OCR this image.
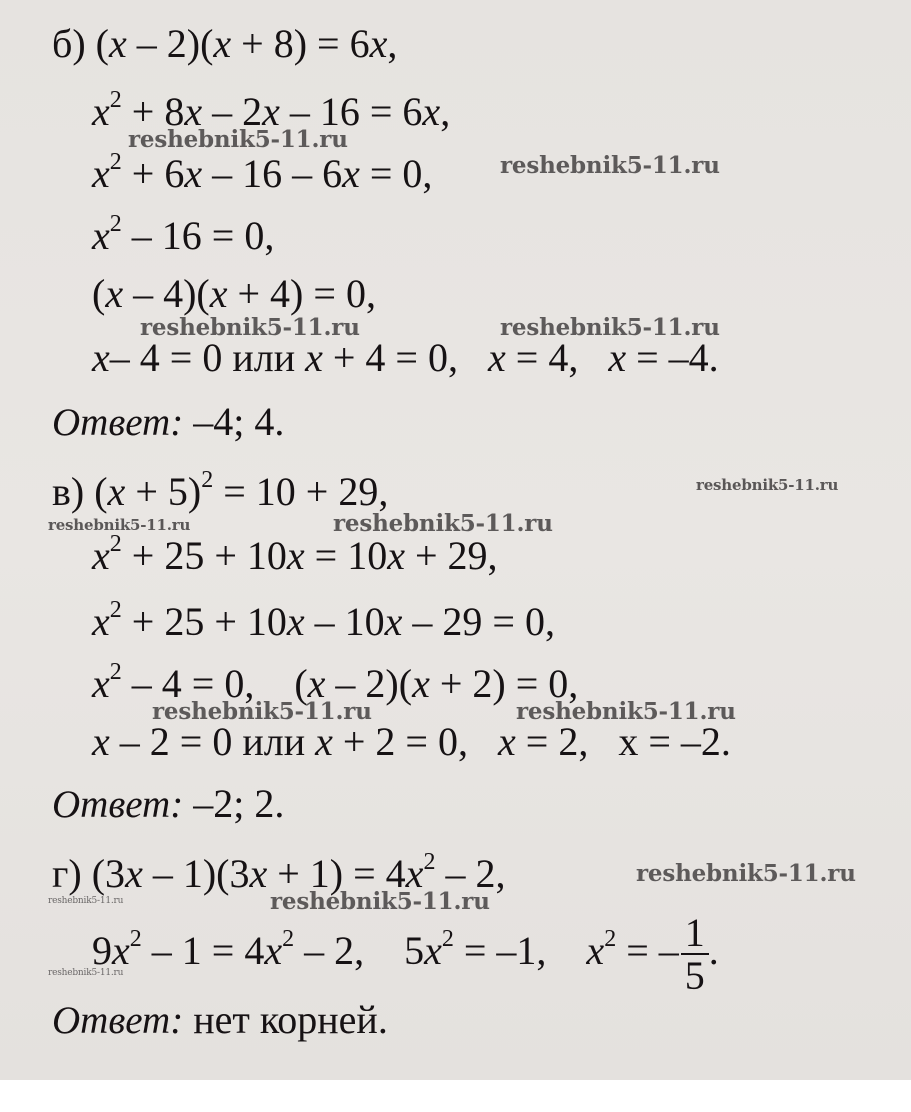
б) (x – 2)(x + 8) = 6x,
$x^2 + 8x - 2x - 16 = 6x$,
$x^2 + 6x - 16 - 6x = 0$,
$x^2 - 16 = 0$,
(x – 4)(x + 4) = 0,
x– 4 = 0 или x + 4 = 0,   x = 4,   x = –4.
Ответ: –4; 4.
в) $(x + 5)^2 = 10 + 29$,
$x^2 + 25 + 10x = 10x + 29$,
$x^2 + 25 + 10x - 10x - 29 = 0$,
$x^2 - 4 = 0$,    (x – 2)(x + 2) = 0,
x – 2 = 0 или x + 2 = 0,   x = 2,   x = –2.
Ответ: –2; 2.
г) $(3x - 1)(3x + 1) = 4x^2 - 2$,
$9x^2 - 1 = 4x^2 - 2$,    $5x^2 = -1$,    $x^2$ = – $\frac{1}{5}$ .
Ответ: нет корней.
reshebnik5-11.ru
reshebnik5-11.ru
reshebnik5-11.ru	reshebnik5-11.ru
reshebnik5-11.ru
reshebnik5-11.ru	reshebnik5-11.ru
reshebnik5-11.ru	reshebnik5-11.ru
reshebnik5-11.ru
reshebnik5-11.ru
reshebnik5-11.ru
reshebnik5-11.ru
